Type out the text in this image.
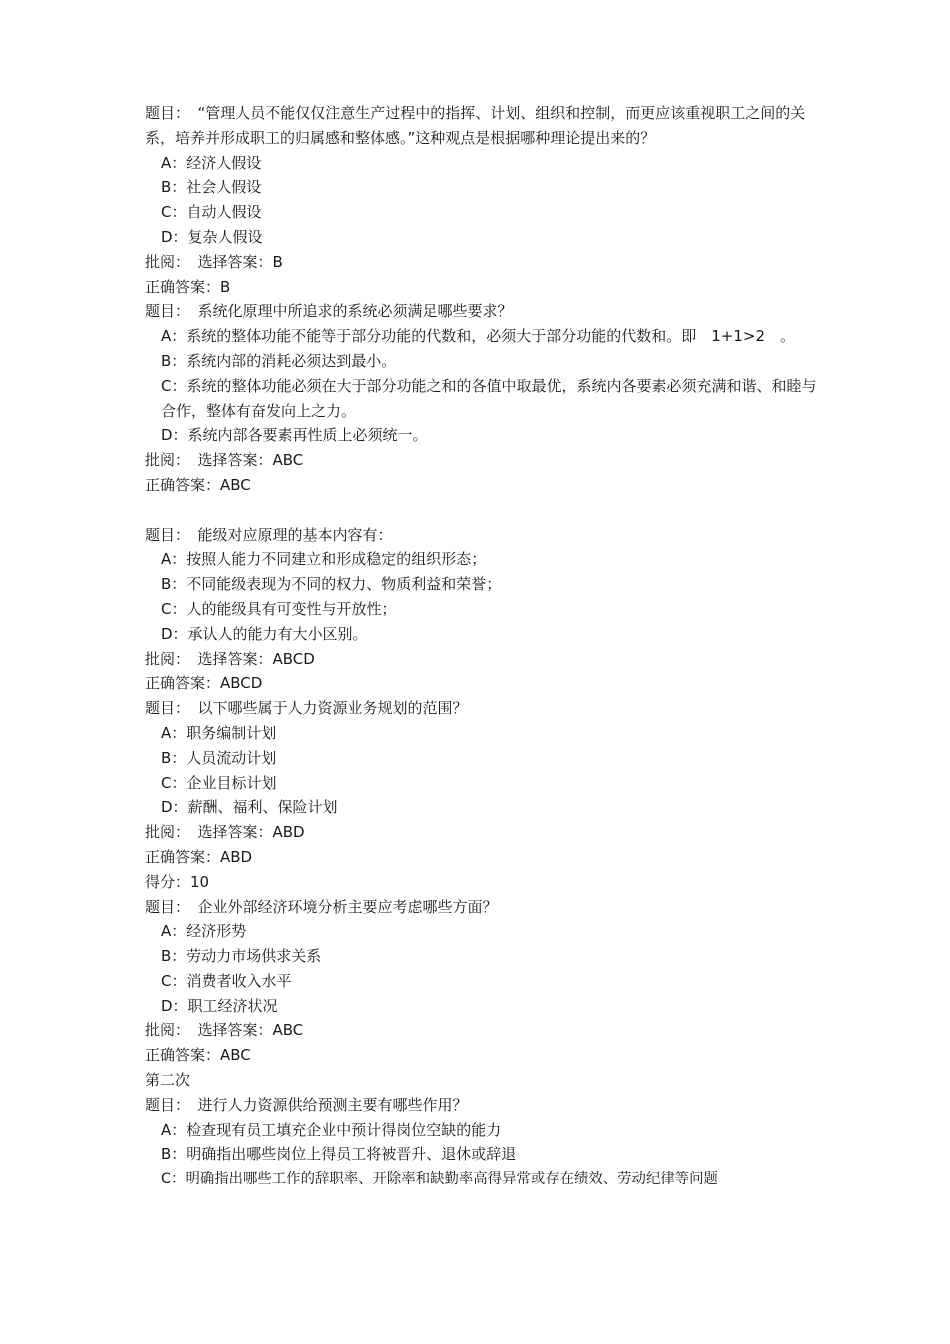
题目：　“管理人员不能仅仅注意生产过程中的指挥、计划、组织和控制，而更应该重视职工之间的关系，培养并形成职工的归属感和整体感。”这种观点是根据哪种理论提出来的？
A：经济人假设
B：社会人假设
C：自动人假设
D：复杂人假设
批阅：　选择答案：B
正确答案：B
题目：　系统化原理中所追求的系统必须满足哪些要求？
A：系统的整体功能不能等于部分功能的代数和，必须大于部分功能的代数和。即　1+1>2　。
B：系统内部的消耗必须达到最小。
C：系统的整体功能必须在大于部分功能之和的各值中取最优，系统内各要素必须充满和谐、和睦与合作，整体有奋发向上之力。
D：系统内部各要素再性质上必须统一。
批阅：　选择答案：ABC
正确答案：ABC
题目：　能级对应原理的基本内容有：
A：按照人能力不同建立和形成稳定的组织形态；
B：不同能级表现为不同的权力、物质利益和荣誉；
C：人的能级具有可变性与开放性；
D：承认人的能力有大小区别。
批阅：　选择答案：ABCD
正确答案：ABCD
题目：　以下哪些属于人力资源业务规划的范围？
A：职务编制计划
B：人员流动计划
C：企业目标计划
D：薪酬、福利、保险计划
批阅：　选择答案：ABD
正确答案：ABD
得分：10
题目：　企业外部经济环境分析主要应考虑哪些方面？
A：经济形势
B：劳动力市场供求关系
C：消费者收入水平
D：职工经济状况
批阅：　选择答案：ABC
正确答案：ABC
第二次
题目：　进行人力资源供给预测主要有哪些作用？
A：检查现有员工填充企业中预计得岗位空缺的能力
B：明确指出哪些岗位上得员工将被晋升、退休或辞退
C：明确指出哪些工作的辞职率、开除率和缺勤率高得异常或存在绩效、劳动纪律等问题
